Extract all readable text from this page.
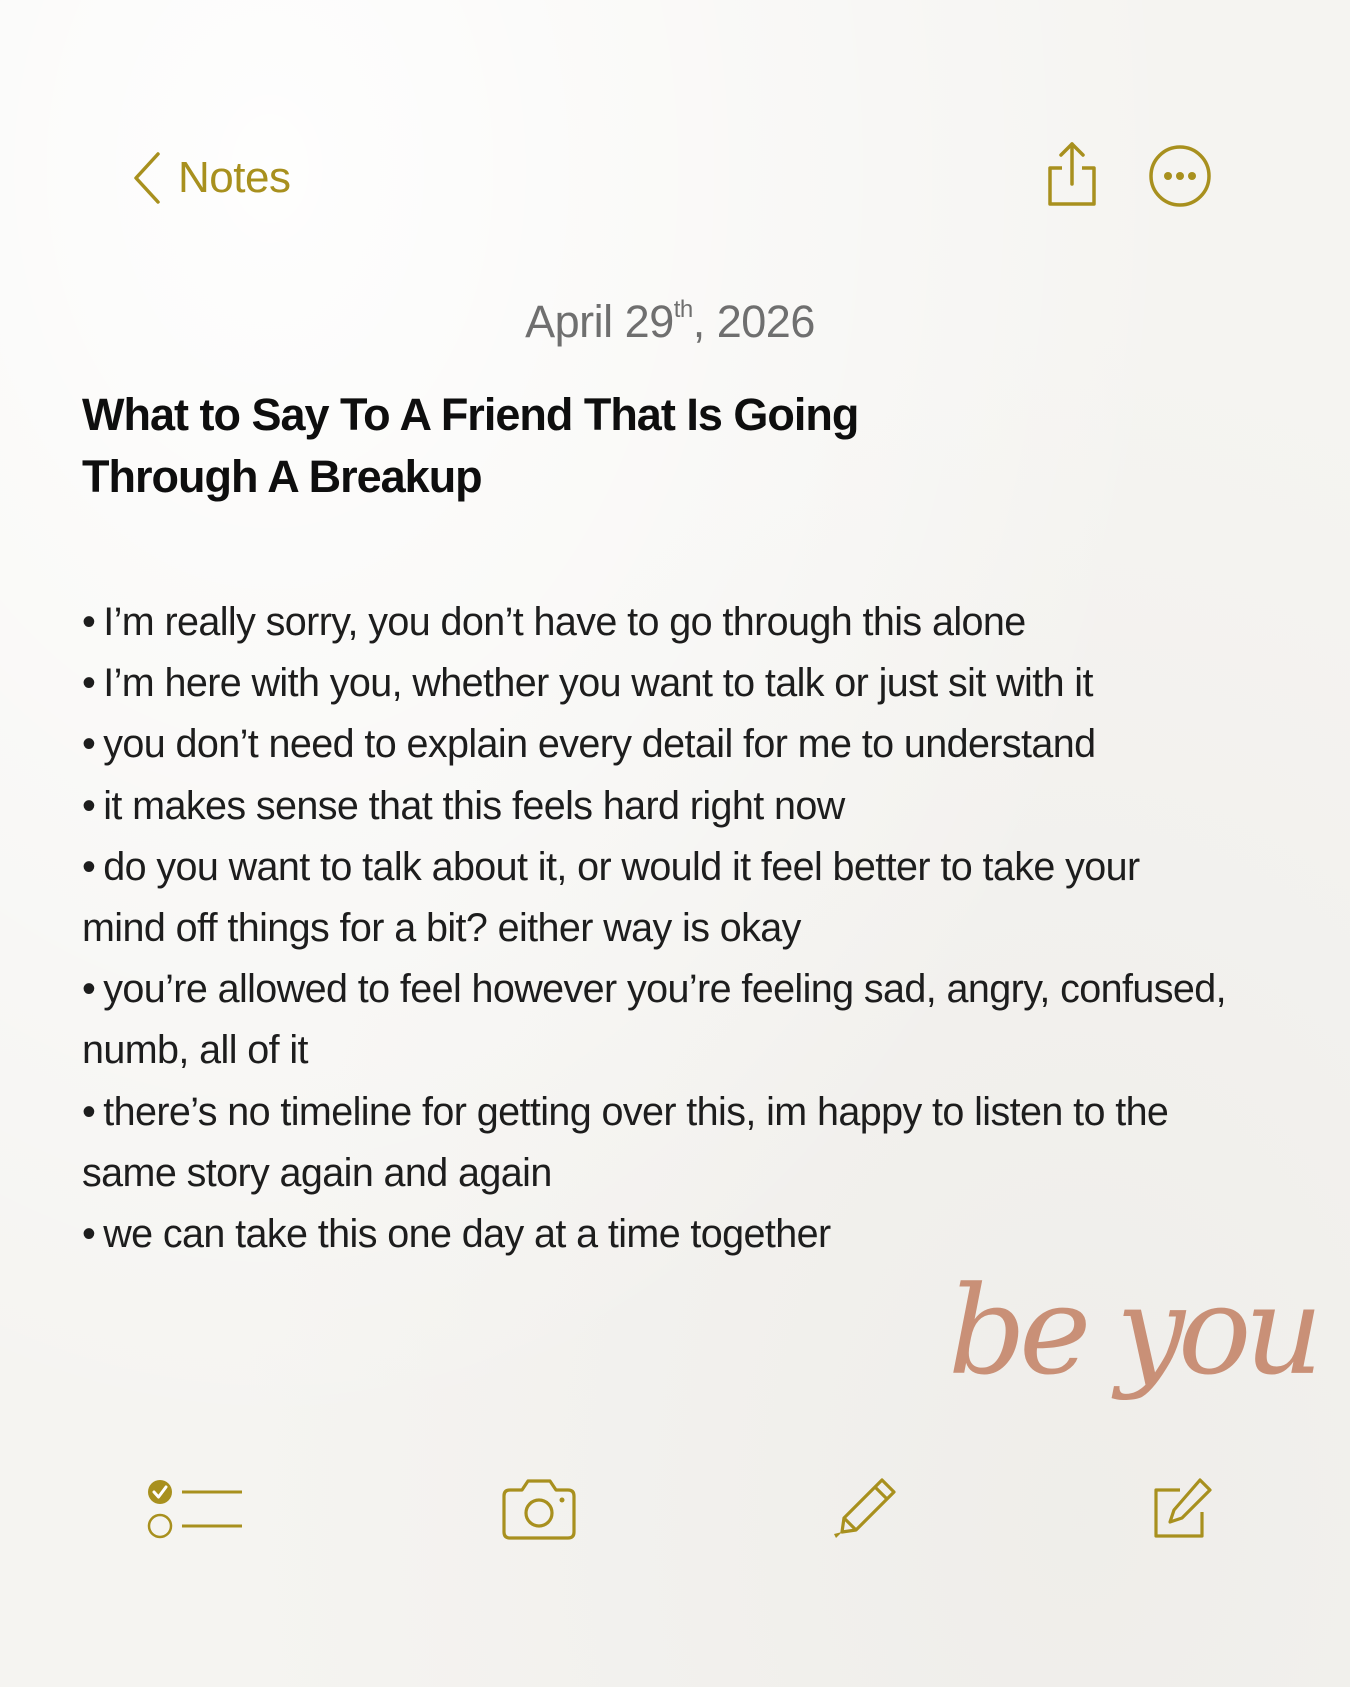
Notes
April 29th, 2026
What to Say To A Friend That Is Going Through A Breakup
• I’m really sorry, you don’t have to go through this alone
• I’m here with you, whether you want to talk or just sit with it
• you don’t need to explain every detail for me to understand
• it makes sense that this feels hard right now
• do you want to talk about it, or would it feel better to take your mind off things for a bit? either way is okay
• you’re allowed to feel however you’re feeling sad, angry, confused, numb, all of it
• there’s no timeline for getting over this, im happy to listen to the same story again and again
• we can take this one day at a time together
be you
